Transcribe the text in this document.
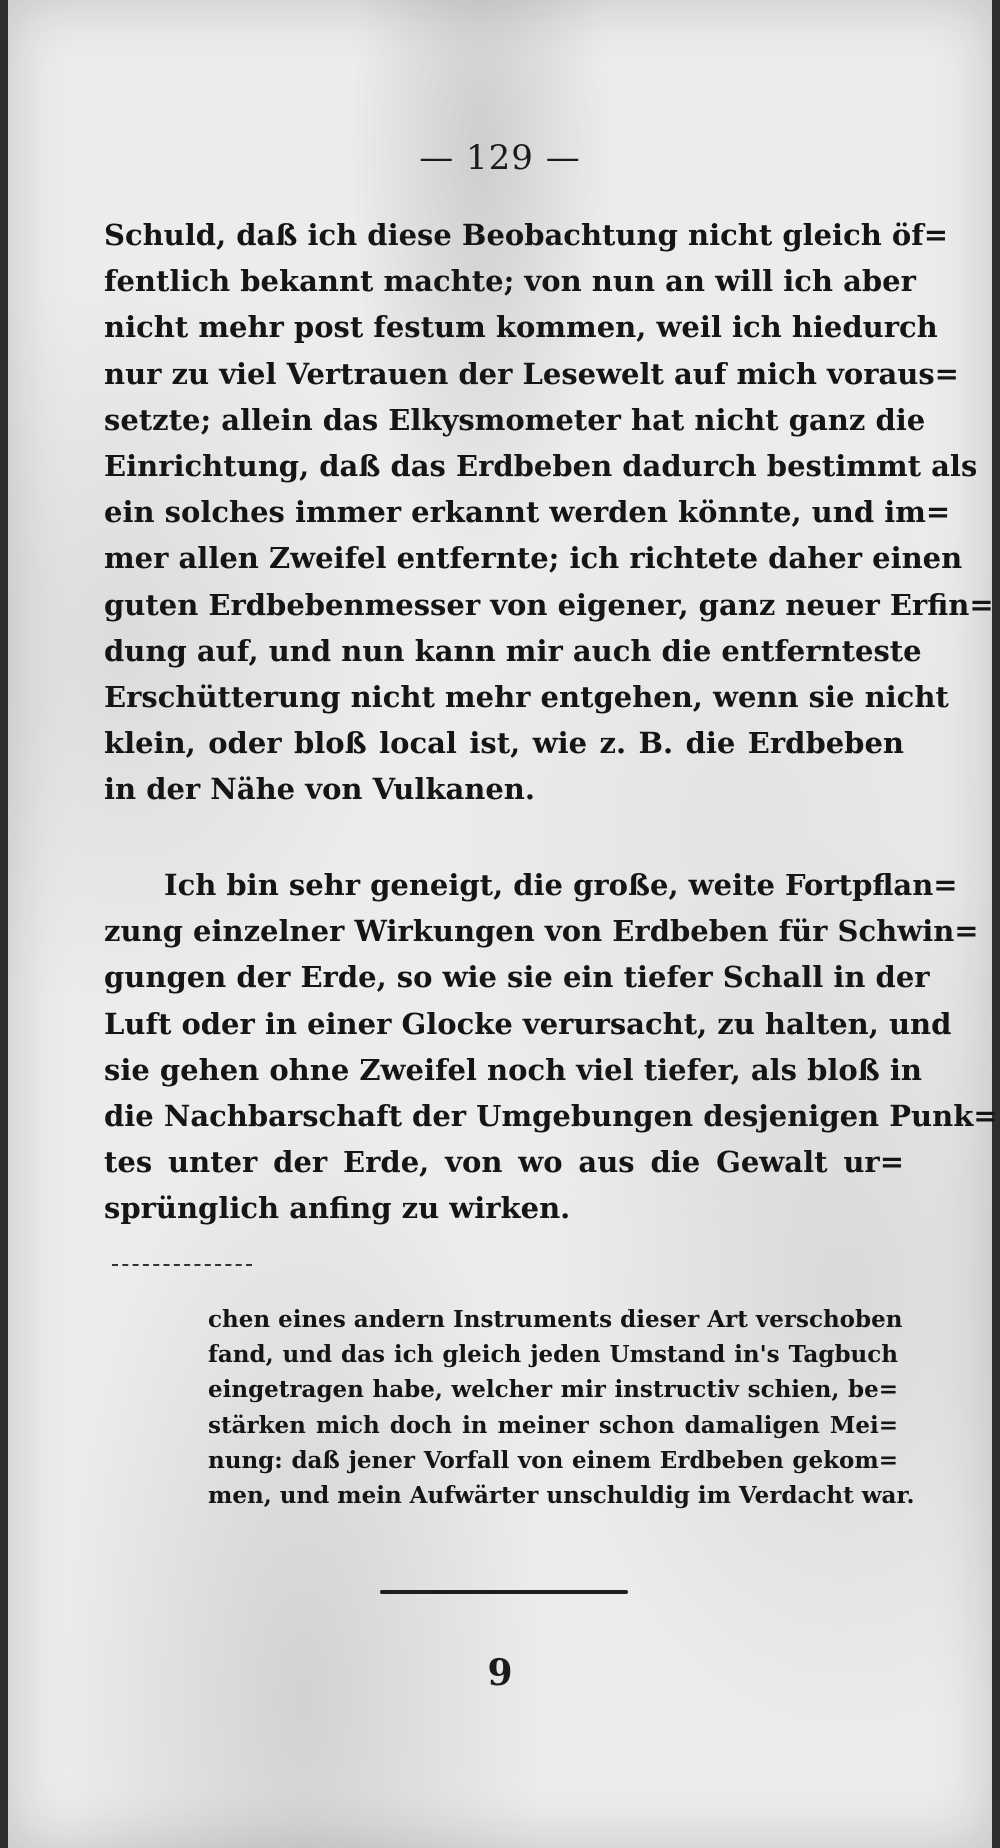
— 129 —
Schuld, daß ich diese Beobachtung nicht gleich öf=
fentlich bekannt machte; von nun an will ich aber
nicht mehr post festum kommen, weil ich hiedurch
nur zu viel Vertrauen der Lesewelt auf mich voraus=
setzte; allein das Elkysmometer hat nicht ganz die
Einrichtung, daß das Erdbeben dadurch bestimmt als
ein solches immer erkannt werden könnte, und im=
mer allen Zweifel entfernte; ich richtete daher einen
guten Erdbebenmesser von eigener, ganz neuer Erfin=
dung auf, und nun kann mir auch die entfernteste
Erschütterung nicht mehr entgehen, wenn sie nicht
klein, oder bloß local ist, wie z. B. die Erdbeben
in der Nähe von Vulkanen.
Ich bin sehr geneigt, die große, weite Fortpflan=
zung einzelner Wirkungen von Erdbeben für Schwin=
gungen der Erde, so wie sie ein tiefer Schall in der
Luft oder in einer Glocke verursacht, zu halten, und
sie gehen ohne Zweifel noch viel tiefer, als bloß in
die Nachbarschaft der Umgebungen desjenigen Punk=
tes unter der Erde, von wo aus die Gewalt ur=
sprünglich anfing zu wirken.
chen eines andern Instruments dieser Art verschoben
fand, und das ich gleich jeden Umstand in's Tagbuch
eingetragen habe, welcher mir instructiv schien, be=
stärken mich doch in meiner schon damaligen Mei=
nung: daß jener Vorfall von einem Erdbeben gekom=
men, und mein Aufwärter unschuldig im Verdacht war.
9
